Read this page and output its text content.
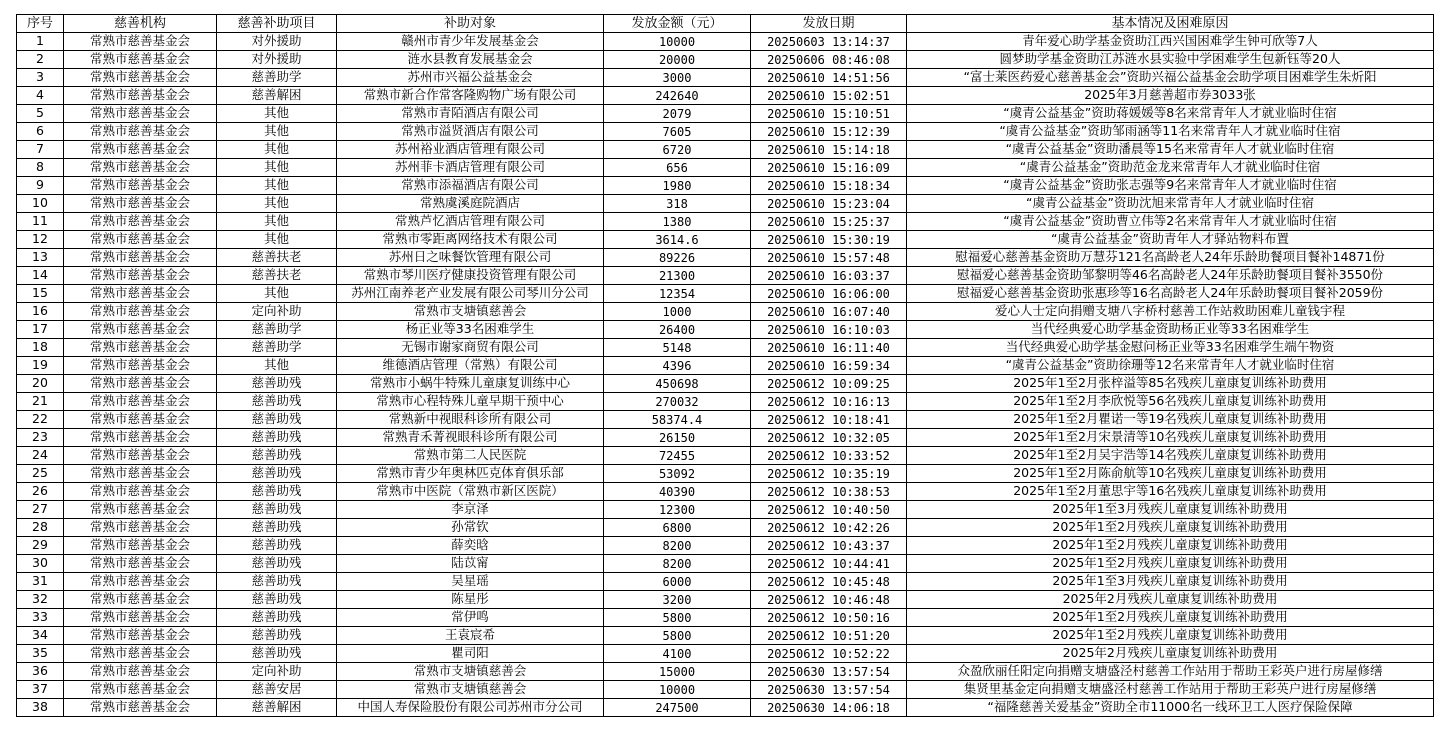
序号	慈善机构	慈善补助项目	补助对象	发放金额（元）	发放日期	基本情况及困难原因
1	常熟市慈善基金会	对外援助	赣州市青少年发展基金会	10000	20250603 13:14:37	青年爱心助学基金资助江西兴国困难学生钟可欣等7人
2	常熟市慈善基金会	对外援助	涟水县教育发展基金会	20000	20250606 08:46:08	圆梦助学基金资助江苏涟水县实验中学困难学生包新钰等20人
3	常熟市慈善基金会	慈善助学	苏州市兴福公益基金会	3000	20250610 14:51:56	“富士莱医药爱心慈善基金会”资助兴福公益基金会助学项目困难学生朱炘阳
4	常熟市慈善基金会	慈善解困	常熟市新合作常客隆购物广场有限公司	242640	20250610 15:02:51	2025年3月慈善超市券3033张
5	常熟市慈善基金会	其他	常熟市青陌酒店有限公司	2079	20250610 15:10:51	“虞青公益基金”资助蒋媛媛等8名来常青年人才就业临时住宿
6	常熟市慈善基金会	其他	常熟市溢贤酒店有限公司	7605	20250610 15:12:39	“虞青公益基金”资助邹雨涵等11名来常青年人才就业临时住宿
7	常熟市慈善基金会	其他	苏州裕业酒店管理有限公司	6720	20250610 15:14:18	“虞青公益基金”资助潘晨等15名来常青年人才就业临时住宿
8	常熟市慈善基金会	其他	苏州菲卡酒店管理有限公司	656	20250610 15:16:09	“虞青公益基金”资助范金龙来常青年人才就业临时住宿
9	常熟市慈善基金会	其他	常熟市添福酒店有限公司	1980	20250610 15:18:34	“虞青公益基金”资助张志强等9名来常青年人才就业临时住宿
10	常熟市慈善基金会	其他	常熟虞溪庭院酒店	318	20250610 15:23:04	“虞青公益基金”资助沈旭来常青年人才就业临时住宿
11	常熟市慈善基金会	其他	常熟芦忆酒店管理有限公司	1380	20250610 15:25:37	“虞青公益基金”资助曹立伟等2名来常青年人才就业临时住宿
12	常熟市慈善基金会	其他	常熟市零距离网络技术有限公司	3614.6	20250610 15:30:19	“虞青公益基金”资助青年人才驿站物料布置
13	常熟市慈善基金会	慈善扶老	苏州日之味餐饮管理有限公司	89226	20250610 15:57:48	慰福爱心慈善基金资助万慧芬121名高龄老人24年乐龄助餐项目餐补14871份
14	常熟市慈善基金会	慈善扶老	常熟市琴川医疗健康投资管理有限公司	21300	20250610 16:03:37	慰福爱心慈善基金资助邹黎明等46名高龄老人24年乐龄助餐项目餐补3550份
15	常熟市慈善基金会	其他	苏州江南养老产业发展有限公司琴川分公司	12354	20250610 16:06:00	慰福爱心慈善基金资助张惠珍等16名高龄老人24年乐龄助餐项目餐补2059份
16	常熟市慈善基金会	定向补助	常熟市支塘镇慈善会	1000	20250610 16:07:40	爱心人士定向捐赠支塘八字桥村慈善工作站救助困难儿童钱宇程
17	常熟市慈善基金会	慈善助学	杨正业等33名困难学生	26400	20250610 16:10:03	当代经典爱心助学基金资助杨正业等33名困难学生
18	常熟市慈善基金会	慈善助学	无锡市谢家商贸有限公司	5148	20250610 16:11:40	当代经典爱心助学基金慰问杨正业等33名困难学生端午物资
19	常熟市慈善基金会	其他	维德酒店管理（常熟）有限公司	4396	20250610 16:59:34	“虞青公益基金”资助徐珊等12名来常青年人才就业临时住宿
20	常熟市慈善基金会	慈善助残	常熟市小蜗牛特殊儿童康复训练中心	450698	20250612 10:09:25	2025年1至2月张梓溢等85名残疾儿童康复训练补助费用
21	常熟市慈善基金会	慈善助残	常熟市心程特殊儿童早期干预中心	270032	20250612 10:16:13	2025年1至2月李欣悦等56名残疾儿童康复训练补助费用
22	常熟市慈善基金会	慈善助残	常熟新中视眼科诊所有限公司	58374.4	20250612 10:18:41	2025年1至2月瞿诺一等19名残疾儿童康复训练补助费用
23	常熟市慈善基金会	慈善助残	常熟青禾菁视眼科诊所有限公司	26150	20250612 10:32:05	2025年1至2月宋景清等10名残疾儿童康复训练补助费用
24	常熟市慈善基金会	慈善助残	常熟市第二人民医院	72455	20250612 10:33:52	2025年1至2月吴宇浩等14名残疾儿童康复训练补助费用
25	常熟市慈善基金会	慈善助残	常熟市青少年奥林匹克体育俱乐部	53092	20250612 10:35:19	2025年1至2月陈俞航等10名残疾儿童康复训练补助费用
26	常熟市慈善基金会	慈善助残	常熟市中医院（常熟市新区医院）	40390	20250612 10:38:53	2025年1至2月董思宇等16名残疾儿童康复训练补助费用
27	常熟市慈善基金会	慈善助残	李京泽	12300	20250612 10:40:50	2025年1至3月残疾儿童康复训练补助费用
28	常熟市慈善基金会	慈善助残	孙常钦	6800	20250612 10:42:26	2025年1至2月残疾儿童康复训练补助费用
29	常熟市慈善基金会	慈善助残	薛奕晗	8200	20250612 10:43:37	2025年1至2月残疾儿童康复训练补助费用
30	常熟市慈善基金会	慈善助残	陆苡甯	8200	20250612 10:44:41	2025年1至2月残疾儿童康复训练补助费用
31	常熟市慈善基金会	慈善助残	吴星瑶	6000	20250612 10:45:48	2025年1至3月残疾儿童康复训练补助费用
32	常熟市慈善基金会	慈善助残	陈星彤	3200	20250612 10:46:48	2025年2月残疾儿童康复训练补助费用
33	常熟市慈善基金会	慈善助残	常伊鸣	5800	20250612 10:50:16	2025年1至2月残疾儿童康复训练补助费用
34	常熟市慈善基金会	慈善助残	王袁宸希	5800	20250612 10:51:20	2025年1至2月残疾儿童康复训练补助费用
35	常熟市慈善基金会	慈善助残	瞿司阳	4100	20250612 10:52:22	2025年2月残疾儿童康复训练补助费用
36	常熟市慈善基金会	定向补助	常熟市支塘镇慈善会	15000	20250630 13:57:54	众盈欣丽任阳定向捐赠支塘盛泾村慈善工作站用于帮助王彩英户进行房屋修缮
37	常熟市慈善基金会	慈善安居	常熟市支塘镇慈善会	10000	20250630 13:57:54	集贤里基金定向捐赠支塘盛泾村慈善工作站用于帮助王彩英户进行房屋修缮
38	常熟市慈善基金会	慈善解困	中国人寿保险股份有限公司苏州市分公司	247500	20250630 14:06:18	“福隆慈善关爱基金”资助全市11000名一线环卫工人医疗保险保障
